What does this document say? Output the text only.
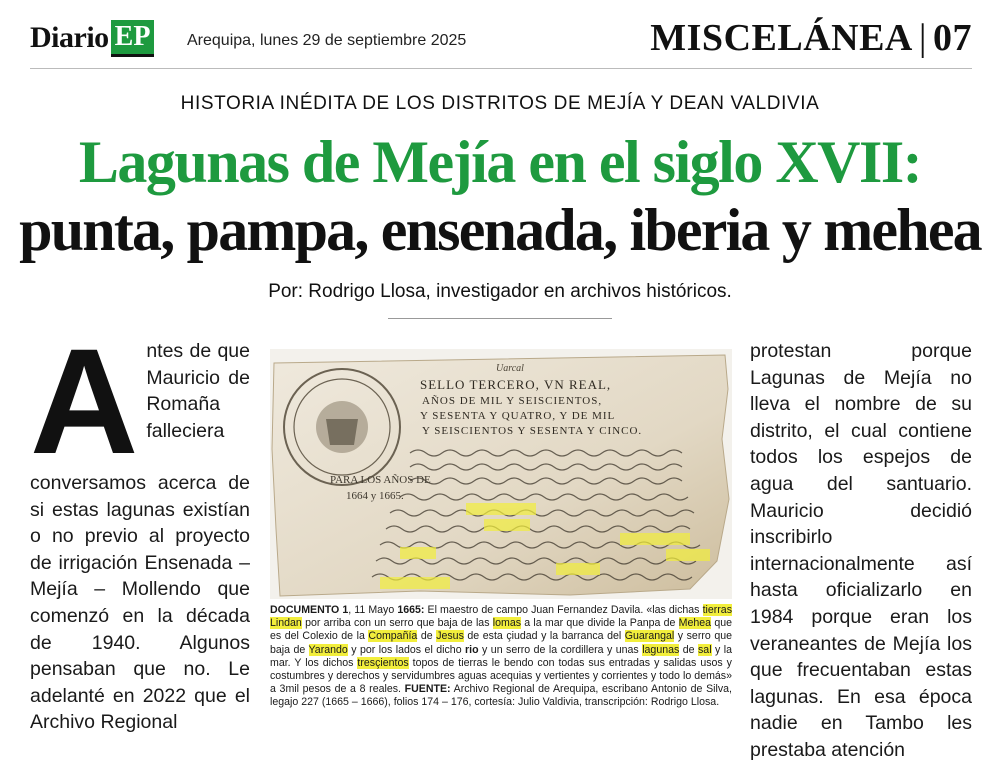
Diario EP Arequipa, lunes 29 de septiembre 2025	MISCELÁNEA | 07
HISTORIA INÉDITA DE LOS DISTRITOS DE MEJÍA Y DEAN VALDIVIA
Lagunas de Mejía en el siglo XVII:
punta, pampa, ensenada, iberia y mehea
Por: Rodrigo Llosa, investigador en archivos históricos.
Antes de que Mauricio de Romaña falleciera conversamos acerca de si estas lagunas existían o no previo al proyecto de irrigación Ensenada – Mejía – Mollendo que comenzó en la década de 1940. Algunos pensaban que no. Le adelanté en 2022 que el Archivo Regional
PARA LOS AÑOS DE
1664 y 1665.
Uarcal
SELLO TERCERO, VN REAL,
AÑOS DE MIL Y SEISCIENTOS,
Y SESENTA Y QUATRO, Y DE MIL
Y SEISCIENTOS Y SESENTA Y CINCO.
DOCUMENTO 1, 11 Mayo 1665: El maestro de campo Juan Fernandez Davila. «las dichas tierras Lindan por arriba con un serro que baja de las lomas a la mar que divide la Panpa de Mehea que es del Colexio de la Compañía de Jesus de esta çiudad y la barranca del Guarangal y serro que baja de Yarando y por los lados el dicho rio y un serro de la cordillera y unas lagunas de sal y la mar. Y los dichos tresçientos topos de tierras le bendo con todas sus entradas y salidas usos y costumbres y derechos y servidumbres aguas acequias y vertientes y corrientes y todo lo demás» a 3mil pesos de a 8 reales. FUENTE: Archivo Regional de Arequipa, escribano Antonio de Silva, legajo 227 (1665 – 1666), folios 174 – 176, cortesía: Julio Valdivia, transcripción: Rodrigo Llosa.
protestan porque Lagunas de Mejía no lleva el nombre de su distrito, el cual contiene todos los espejos de agua del santuario. Mauricio decidió inscribirlo internacionalmente así hasta oficializarlo en 1984 porque eran los veraneantes de Mejía los que frecuentaban estas lagunas. En esa época nadie en Tambo les prestaba atención
